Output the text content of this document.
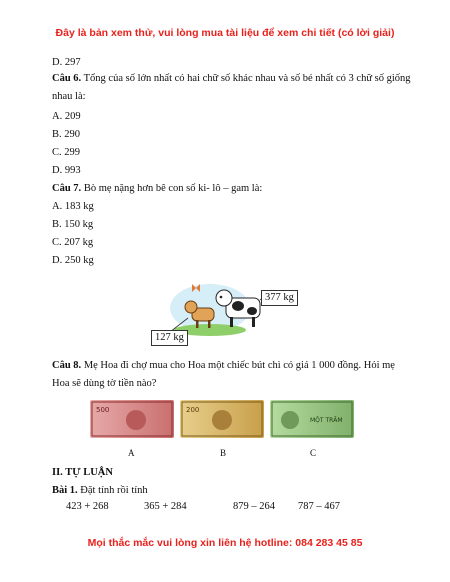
Đây là bản xem thử, vui lòng mua tài liệu để xem chi tiết (có lời giải)
D. 297
Câu 6. Tổng của số lớn nhất có hai chữ số khác nhau và số bé nhất có 3 chữ số giống nhau là:
A. 209
B. 290
C. 299
D. 993
Câu 7. Bò mẹ nặng hơn bê con số ki- lô – gam là:
A. 183 kg
B. 150 kg
C. 207 kg
D. 250 kg
377 kg
127 kg
Câu 8. Mẹ Hoa đi chợ mua cho Hoa một chiếc bút chì có giá 1 000 đồng. Hỏi mẹ Hoa sẽ dùng tờ tiền nào?
500	200
MỘT TRĂM
A	B	C
II. TỰ LUẬN
Bài 1. Đặt tính rồi tính
423 + 268	365 + 284	879 – 264 787 – 467
Mọi thắc mắc vui lòng xin liên hệ hotline: 084 283 45 85
